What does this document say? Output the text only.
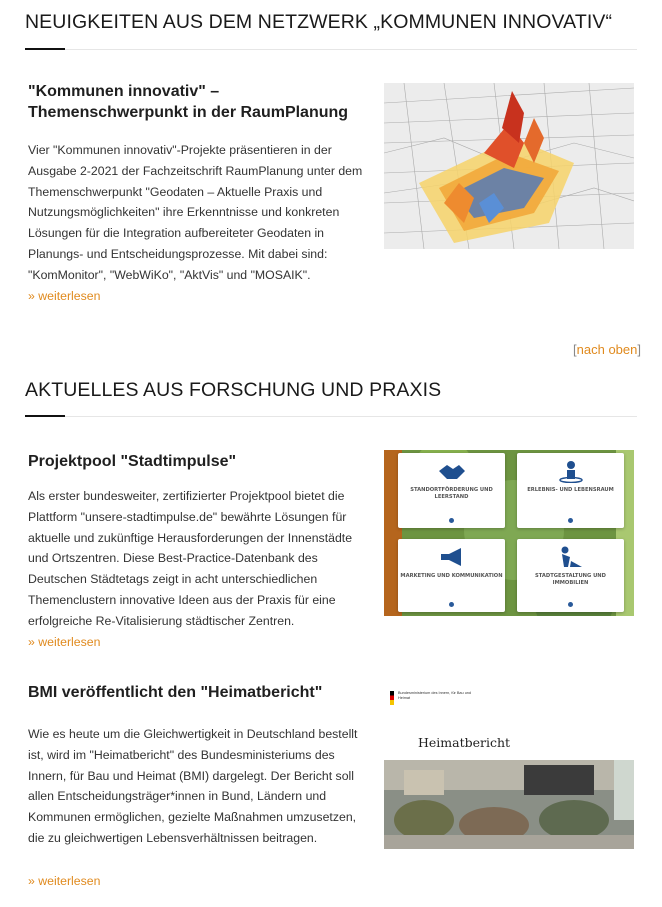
NEUIGKEITEN AUS DEM NETZWERK „KOMMUNEN INNOVATIV“
"Kommunen innovativ" – Themenschwerpunkt in der RaumPlanung

Vier "Kommunen innovativ"-Projekte präsentieren in der Ausgabe 2-2021 der Fachzeitschrift RaumPlanung unter dem Themenschwerpunkt "Geodaten – Aktuelle Praxis und Nutzungsmöglichkeiten" ihre Erkenntnisse und konkreten Lösungen für die Integration aufbereiteter Geodaten in Planungs- und Entscheidungsprozesse. Mit dabei sind: "KomMonitor", "WebWiKo", "AktVis" und "MOSAIK".

» weiterlesen
[nach oben]
AKTUELLES AUS FORSCHUNG UND PRAXIS
Projektpool "Stadtimpulse"

Als erster bundesweiter, zertifizierter Projektpool bietet die Plattform "unsere-stadtimpulse.de" bewährte Lösungen für aktuelle und zukünftige Herausforderungen der Innenstädte und Ortszentren. Diese Best-Practice-Datenbank des Deutschen Städtetags zeigt in acht unterschiedlichen Themenclustern innovative Ideen aus der Praxis für eine erfolgreiche Re-Vitalisierung städtischer Zentren.

» weiterlesen
STANDORTFÖRDERUNG UND LEERSTAND
ERLEBNIS- UND LEBENSRAUM
MARKETING UND KOMMUNIKATION	STADTGESTALTUNG UND IMMOBILIEN
BMI veröffentlicht den "Heimatbericht"

Wie es heute um die Gleichwertigkeit in Deutschland bestellt ist, wird im "Heimatbericht" des Bundesministeriums des Innern, für Bau und Heimat (BMI) dargelegt. Der Bericht soll allen Entscheidungsträger*innen in Bund, Ländern und Kommunen ermöglichen, gezielte Maßnahmen umzusetzen, die zu gleichwertigen Lebensverhältnissen beitragen.

» weiterlesen
Bundesministerium des Innern, für Bau und Heimat
Heimatbericht
